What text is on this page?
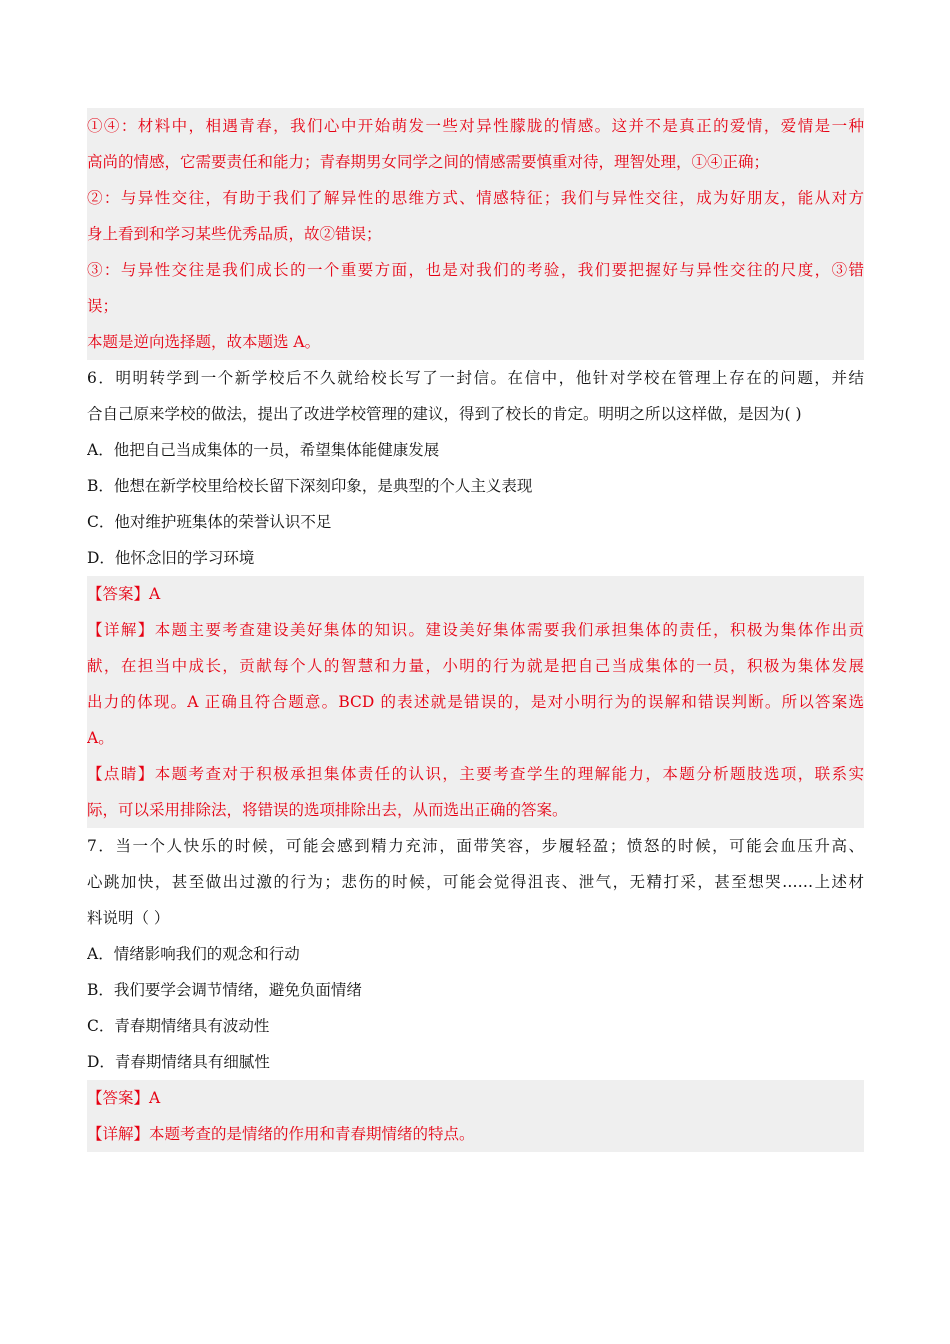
①④：材料中，相遇青春，我们心中开始萌发一些对异性朦胧的情感。这并不是真正的爱情，爱情是一种
高尚的情感，它需要责任和能力；青春期男女同学之间的情感需要慎重对待，理智处理，①④正确；
②：与异性交往，有助于我们了解异性的思维方式、情感特征；我们与异性交往，成为好朋友，能从对方
身上看到和学习某些优秀品质，故②错误；
③：与异性交往是我们成长的一个重要方面，也是对我们的考验，我们要把握好与异性交往的尺度，③错
误；
本题是逆向选择题，故本题选 A。
6．明明转学到一个新学校后不久就给校长写了一封信。在信中，他针对学校在管理上存在的问题，并结
合自己原来学校的做法，提出了改进学校管理的建议，得到了校长的肯定。明明之所以这样做，是因为( )
A．他把自己当成集体的一员，希望集体能健康发展
B．他想在新学校里给校长留下深刻印象，是典型的个人主义表现
C．他对维护班集体的荣誉认识不足
D．他怀念旧的学习环境
【答案】A
【详解】本题主要考查建设美好集体的知识。建设美好集体需要我们承担集体的责任，积极为集体作出贡
献，在担当中成长，贡献每个人的智慧和力量，小明的行为就是把自己当成集体的一员，积极为集体发展
出力的体现。A 正确且符合题意。BCD 的表述就是错误的，是对小明行为的误解和错误判断。所以答案选
A。
【点睛】本题考查对于积极承担集体责任的认识，主要考查学生的理解能力，本题分析题肢选项，联系实
际，可以采用排除法，将错误的选项排除出去，从而选出正确的答案。
7．当一个人快乐的时候，可能会感到精力充沛，面带笑容，步履轻盈；愤怒的时候，可能会血压升高、
心跳加快，甚至做出过激的行为；悲伤的时候，可能会觉得沮丧、泄气，无精打采，甚至想哭……上述材
料说明（ ）
A．情绪影响我们的观念和行动
B．我们要学会调节情绪，避免负面情绪
C．青春期情绪具有波动性
D．青春期情绪具有细腻性
【答案】A
【详解】本题考查的是情绪的作用和青春期情绪的特点。
